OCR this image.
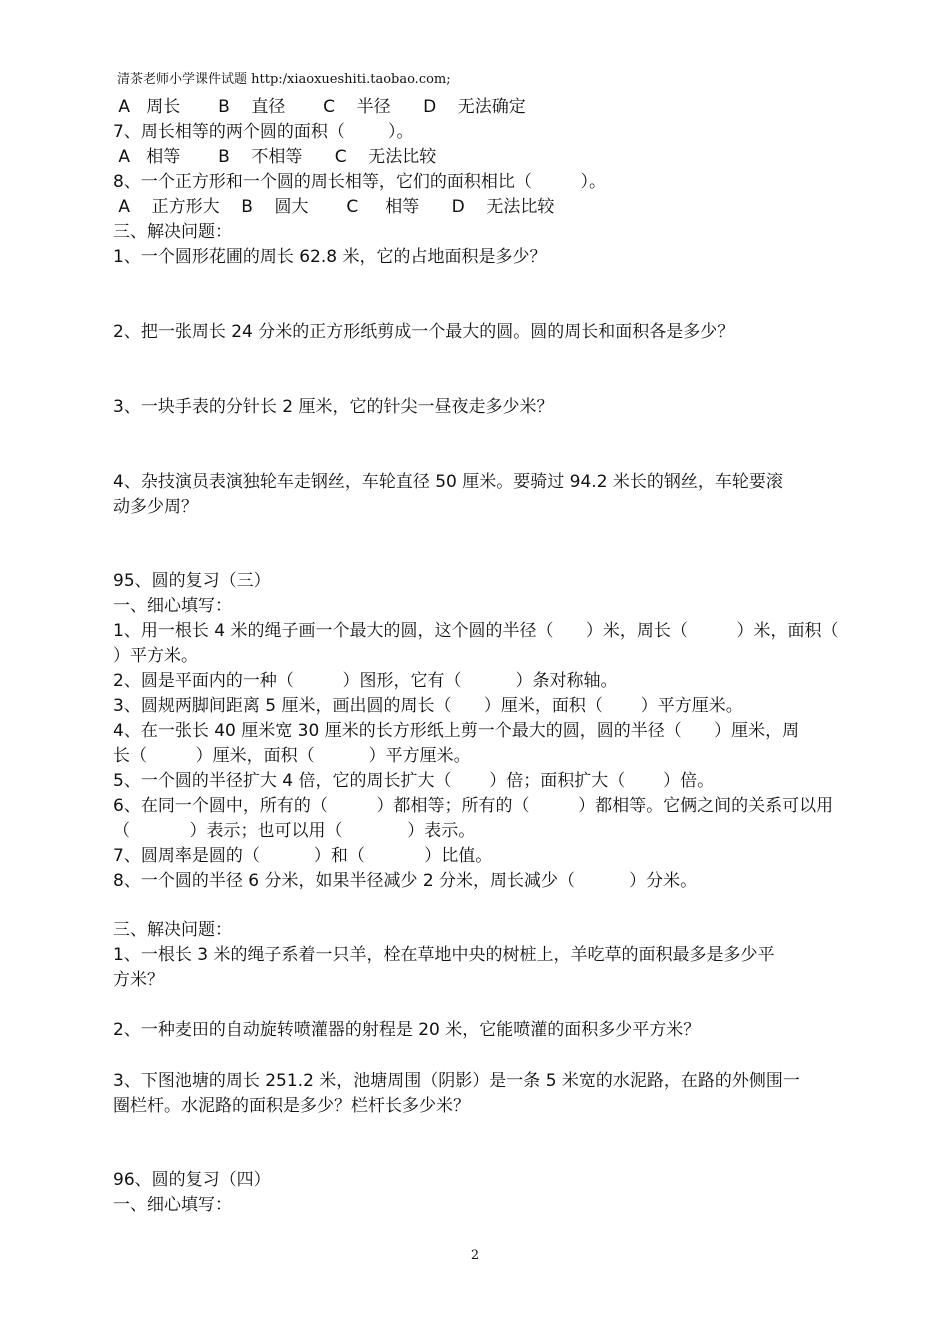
清茶老师小学课件试题 http:/xiaoxueshiti.taobao.com;
A   周长       B    直径       C    半径      D    无法确定
7、周长相等的两个圆的面积（        ）。
A   相等       B    不相等      C    无法比较
8、一个正方形和一个圆的周长相等，它们的面积相比（         ）。
A    正方形大    B    圆大       C     相等      D    无法比较
三、解决问题：
1、一个圆形花圃的周长 62.8 米，它的占地面积是多少？
2、把一张周长 24 分米的正方形纸剪成一个最大的圆。圆的周长和面积各是多少？
3、一块手表的分针长 2 厘米，它的针尖一昼夜走多少米？
4、杂技演员表演独轮车走钢丝，车轮直径 50 厘米。要骑过 94.2 米长的钢丝，车轮要滚
动多少周？
95、圆的复习（三）
一、细心填写：
1、用一根长 4 米的绳子画一个最大的圆，这个圆的半径（      ）米，周长（         ）米，面积（
）平方米。
2、圆是平面内的一种（         ）图形，它有（          ）条对称轴。
3、圆规两脚间距离 5 厘米，画出圆的周长（      ）厘米，面积（       ）平方厘米。
4、在一张长 40 厘米宽 30 厘米的长方形纸上剪一个最大的圆，圆的半径（      ）厘米，周
长（         ）厘米，面积（          ）平方厘米。
5、一个圆的半径扩大 4 倍，它的周长扩大（       ）倍；面积扩大（       ）倍。
6、在同一个圆中，所有的（         ）都相等；所有的（         ）都相等。它俩之间的关系可以用
（           ）表示；也可以用（            ）表示。
7、圆周率是圆的（          ）和（           ）比值。
8、一个圆的半径 6 分米，如果半径减少 2 分米，周长减少（          ）分米。
三、解决问题：
1、一根长 3 米的绳子系着一只羊，栓在草地中央的树桩上，羊吃草的面积最多是多少平
方米？
2、一种麦田的自动旋转喷灌器的射程是 20 米，它能喷灌的面积多少平方米？
3、下图池塘的周长 251.2 米，池塘周围（阴影）是一条 5 米宽的水泥路，在路的外侧围一
圈栏杆。水泥路的面积是多少？栏杆长多少米？
96、圆的复习（四）
一、细心填写：
2
